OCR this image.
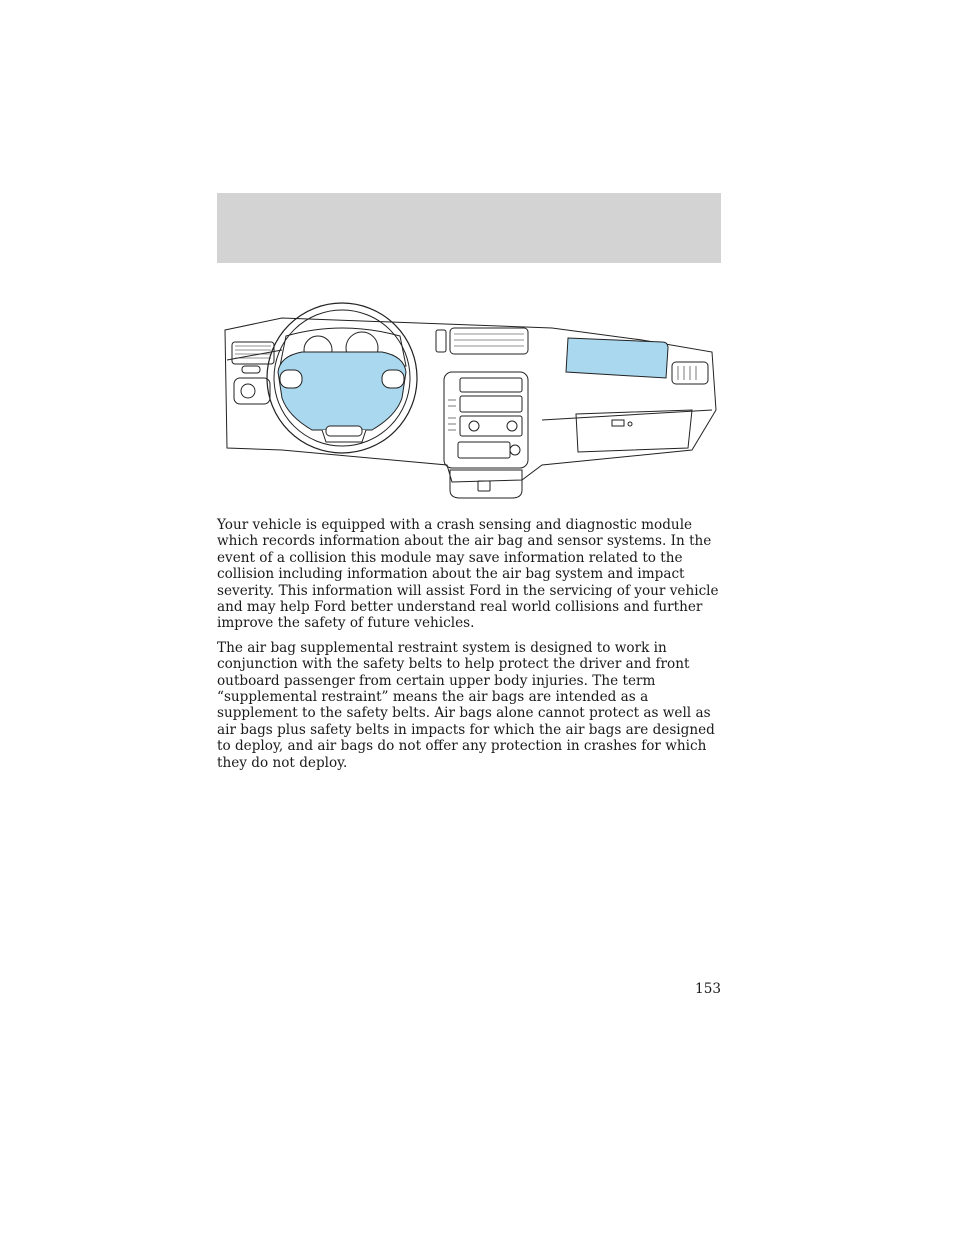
Your vehicle is equipped with a crash sensing and diagnostic module which records information about the air bag and sensor systems. In the event of a collision this module may save information related to the collision including information about the air bag system and impact severity. This information will assist Ford in the servicing of your vehicle and may help Ford better understand real world collisions and further improve the safety of future vehicles.

The air bag supplemental restraint system is designed to work in conjunction with the safety belts to help protect the driver and front outboard passenger from certain upper body injuries. The term “supplemental restraint” means the air bags are intended as a supplement to the safety belts. Air bags alone cannot protect as well as air bags plus safety belts in impacts for which the air bags are designed to deploy, and air bags do not offer any protection in crashes for which they do not deploy.

153
